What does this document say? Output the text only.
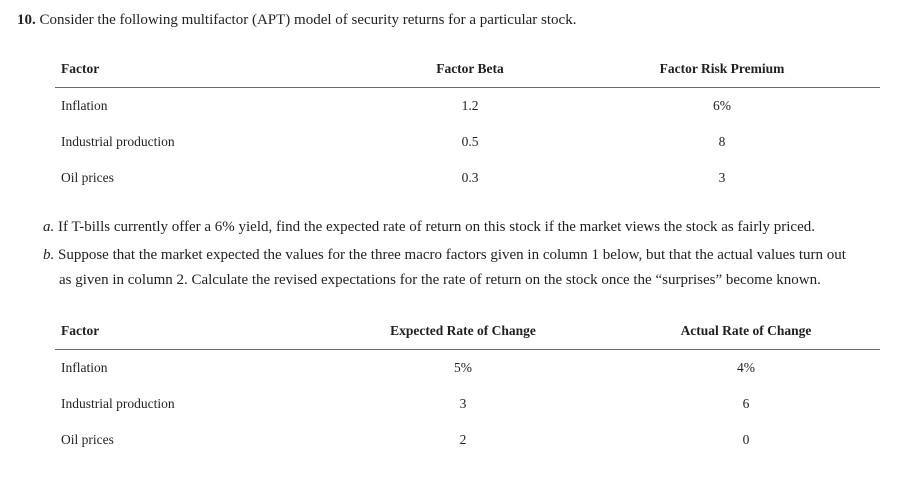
10. Consider the following multifactor (APT) model of security returns for a particular stock.
Factor	Factor Beta	Factor Risk Premium
Inflation	1.2	6%
Industrial production	0.5	8
Oil prices	0.3	3
a. If T-bills currently offer a 6% yield, find the expected rate of return on this stock if the market views the stock as fairly priced.
b. Suppose that the market expected the values for the three macro factors given in column 1 below, but that the actual values turn out
as given in column 2. Calculate the revised expectations for the rate of return on the stock once the “surprises” become known.
Factor	Expected Rate of Change	Actual Rate of Change
Inflation	5%	4%
Industrial production	3	6
Oil prices	2	0
